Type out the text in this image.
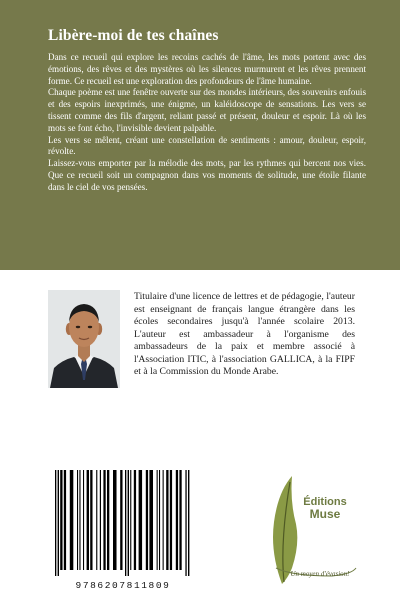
Libère-moi de tes chaînes

Dans ce recueil qui explore les recoins cachés de l'âme, les mots portent avec des émotions, des rêves et des mystères où les silences murmurent et les rêves prennent forme. Ce recueil est une exploration des profondeurs de l'âme humaine.

Chaque poème est une fenêtre ouverte sur des mondes intérieurs, des souvenirs enfouis et des espoirs inexprimés, une énigme, un kaléidoscope de sensations. Les vers se tissent comme des fils d'argent, reliant passé et présent, douleur et espoir. Là où les mots se font écho, l'invisible devient palpable.

Les vers se mêlent, créant une constellation de sentiments : amour, douleur, espoir, révolte.

Laissez-vous emporter par la mélodie des mots, par les rythmes qui bercent nos vies. Que ce recueil soit un compagnon dans vos moments de solitude, une étoile filante dans le ciel de vos pensées.

Titulaire d'une licence de lettres et de pédagogie, l'auteur est enseignant de français langue étrangère dans les écoles secondaires jusqu'à l'année scolaire 2013. L'auteur est ambassadeur à l'organisme des ambassadeurs de la paix et membre associé à l'Association ITIC, à l'association GALLICA, à la FIPF et à la Commission du Monde Arabe.

9786207811809
Éditions
Muse
Un moyen d'évasion!
